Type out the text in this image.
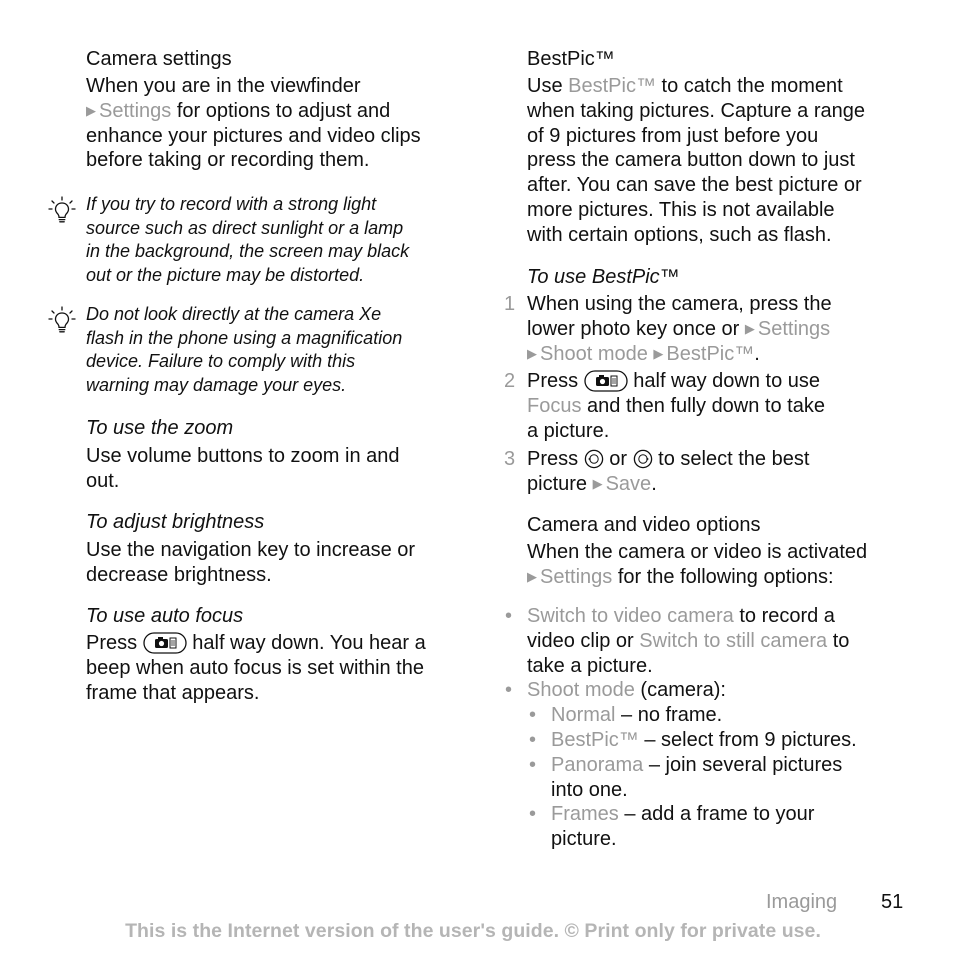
Camera settings
When you are in the viewfinder
▶ Settings for options to adjust and
enhance your pictures and video clips
before taking or recording them.
If you try to record with a strong light
source such as direct sunlight or a lamp
in the background, the screen may black
out or the picture may be distorted.
Do not look directly at the camera Xe
flash in the phone using a magnification
device. Failure to comply with this
warning may damage your eyes.
To use the zoom
Use volume buttons to zoom in and
out.
To adjust brightness
Use the navigation key to increase or
decrease brightness.
To use auto focus
Press	half way down. You hear a
beep when auto focus is set within the
frame that appears.
BestPic™
Use BestPic™ to catch the moment
when taking pictures. Capture a range
of 9 pictures from just before you
press the camera button down to just
after. You can save the best picture or
more pictures. This is not available
with certain options, such as flash.
To use BestPic™
1 When using the camera, press the
lower photo key once or ▶ Settings
▶ Shoot mode ▶ BestPic™.
2 Press	half way down to use
Focus and then fully down to take
a picture.
3 Press or to select the best
picture ▶ Save.
Camera and video options
When the camera or video is activated
▶ Settings for the following options:
• Switch to video camera to record a
video clip or Switch to still camera to
take a picture.
• Shoot mode (camera):
• Normal – no frame.
• BestPic™ – select from 9 pictures.
• Panorama – join several pictures
into one.
• Frames – add a frame to your
picture.
Imaging 51
This is the Internet version of the user's guide. © Print only for private use.
